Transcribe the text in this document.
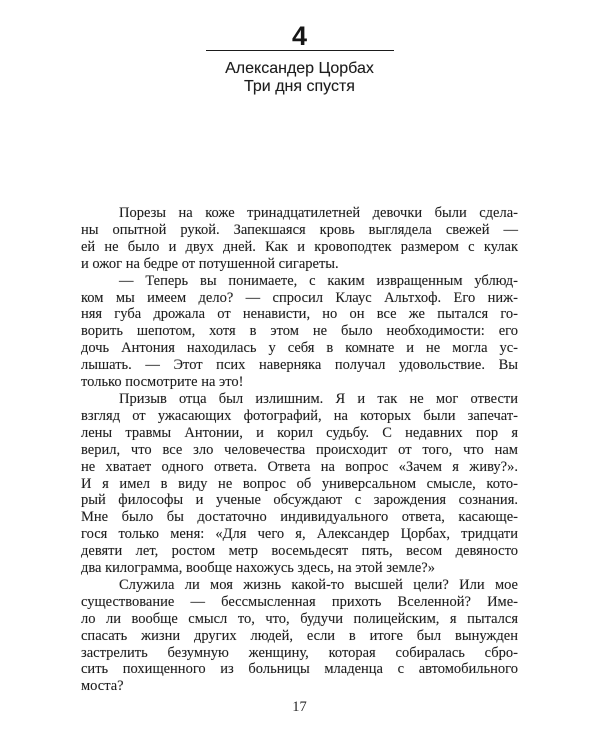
4
Александер Цорбах
Три дня спустя
Порезы на коже тринадцатилетней девочки были сдела-
ны опытной рукой. Запекшаяся кровь выглядела свежей —
ей не было и двух дней. Как и кровоподтек размером с кулак
и ожог на бедре от потушенной сигареты.
— Теперь вы понимаете, с каким извращенным ублюд-
ком мы имеем дело? — спросил Клаус Альтхоф. Его ниж-
няя губа дрожала от ненависти, но он все же пытался го-
ворить шепотом, хотя в этом не было необходимости: его
дочь Антония находилась у себя в комнате и не могла ус-
лышать. — Этот псих наверняка получал удовольствие. Вы
только посмотрите на это!
Призыв отца был излишним. Я и так не мог отвести
взгляд от ужасающих фотографий, на которых были запечат-
лены травмы Антонии, и корил судьбу. С недавних пор я
верил, что все зло человечества происходит от того, что нам
не хватает одного ответа. Ответа на вопрос «Зачем я живу?».
И я имел в виду не вопрос об универсальном смысле, кото-
рый философы и ученые обсуждают с зарождения сознания.
Мне было бы достаточно индивидуального ответа, касающе-
гося только меня: «Для чего я, Александер Цорбах, тридцати
девяти лет, ростом метр восемьдесят пять, весом девяносто
два килограмма, вообще нахожусь здесь, на этой земле?»
Служила ли моя жизнь какой-то высшей цели? Или мое
существование — бессмысленная прихоть Вселенной? Име-
ло ли вообще смысл то, что, будучи полицейским, я пытался
спасать жизни других людей, если в итоге был вынужден
застрелить безумную женщину, которая собиралась сбро-
сить похищенного из больницы младенца с автомобильного
моста?
17
